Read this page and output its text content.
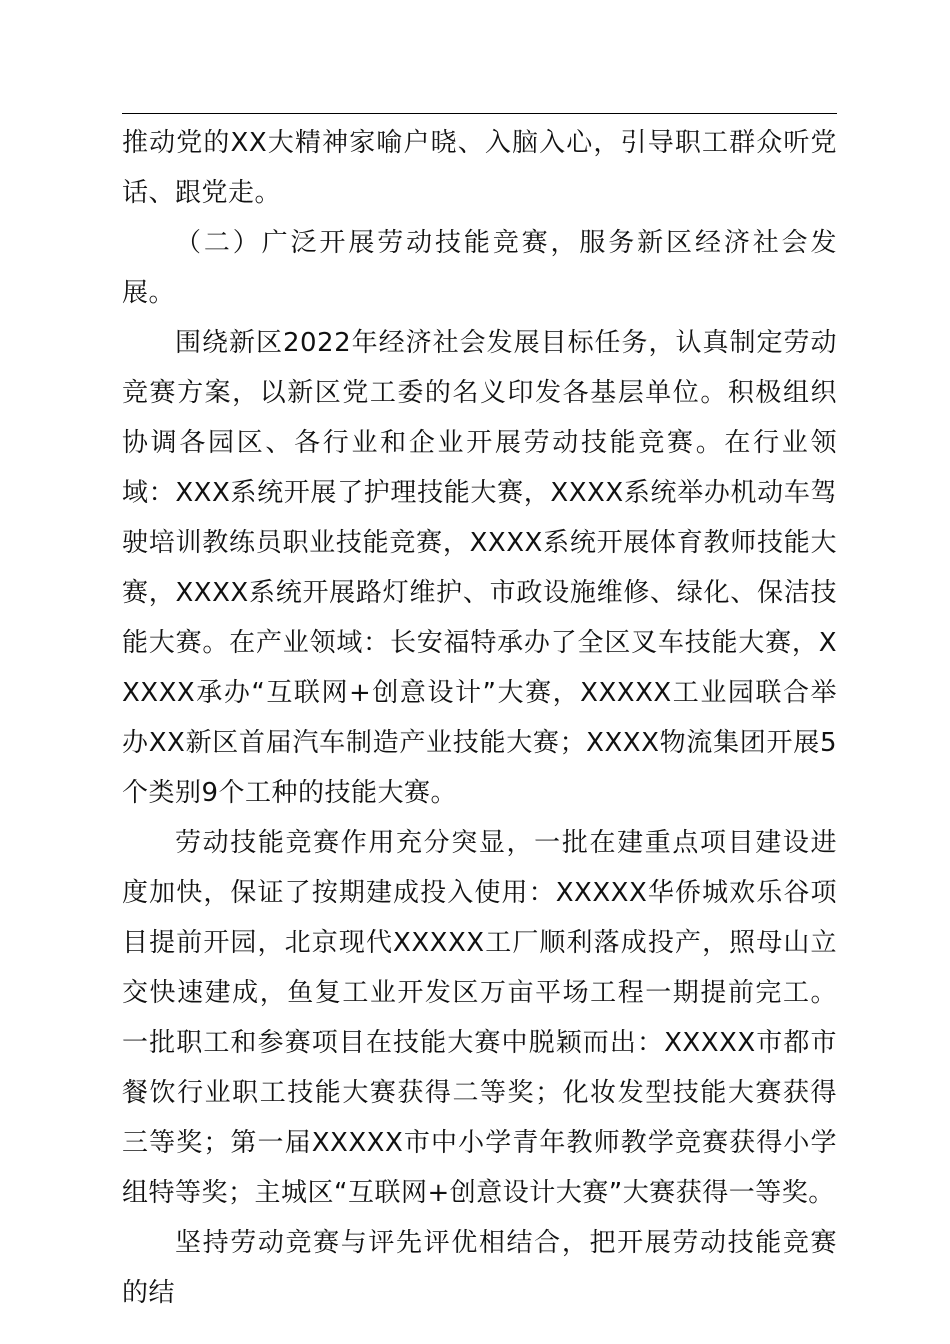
推动党的XX大精神家喻户晓、入脑入心，引导职工群众听党话、跟党走。

（二）广泛开展劳动技能竞赛，服务新区经济社会发展。

围绕新区2022年经济社会发展目标任务，认真制定劳动竞赛方案，以新区党工委的名义印发各基层单位。积极组织协调各园区、各行业和企业开展劳动技能竞赛。在行业领域：XXX系统开展了护理技能大赛，XXXX系统举办机动车驾驶培训教练员职业技能竞赛，XXXX系统开展体育教师技能大赛，XXXX系统开展路灯维护、市政设施维修、绿化、保洁技能大赛。在产业领域：长安福特承办了全区叉车技能大赛，XXXXX承办“互联网+创意设计”大赛，XXXXX工业园联合举办XX新区首届汽车制造产业技能大赛；XXXX物流集团开展5个类别9个工种的技能大赛。

劳动技能竞赛作用充分突显，一批在建重点项目建设进度加快，保证了按期建成投入使用：XXXXX华侨城欢乐谷项目提前开园，北京现代XXXXX工厂顺利落成投产，照母山立交快速建成，鱼复工业开发区万亩平场工程一期提前完工。一批职工和参赛项目在技能大赛中脱颖而出：XXXXX市都市餐饮行业职工技能大赛获得二等奖；化妆发型技能大赛获得三等奖；第一届XXXXX市中小学青年教师教学竞赛获得小学组特等奖；主城区“互联网+创意设计大赛”大赛获得一等奖。

坚持劳动竞赛与评先评优相结合，把开展劳动技能竞赛的结
